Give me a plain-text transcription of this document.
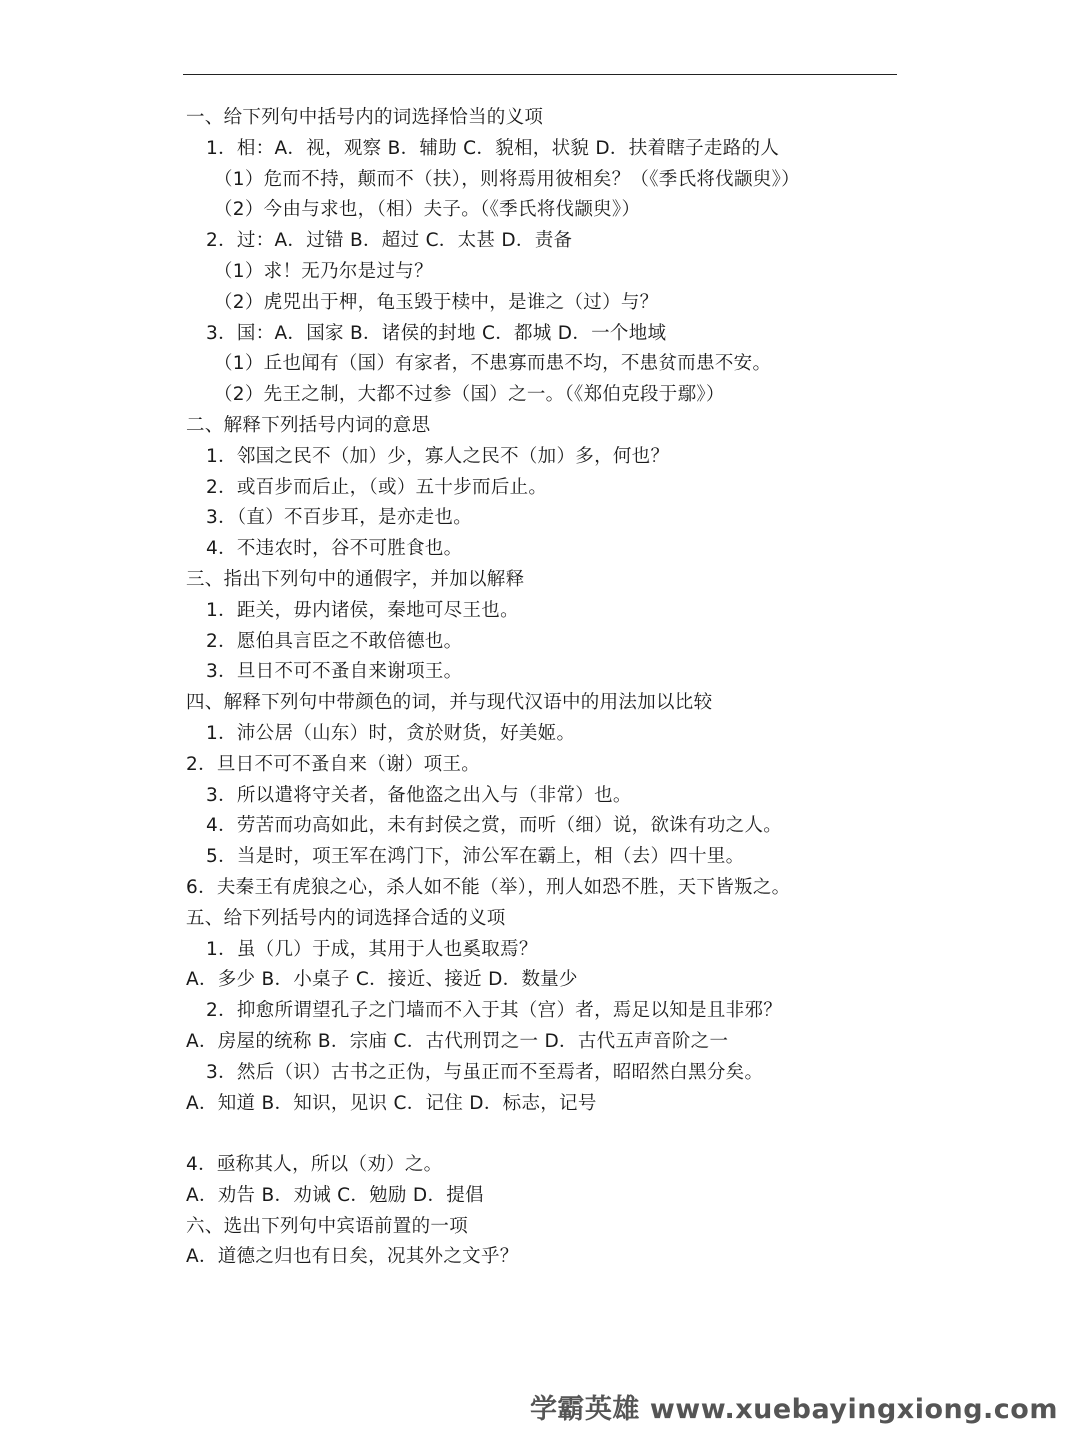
一、给下列句中括号内的词选择恰当的义项
1．相：A．视，观察 B．辅助 C．貌相，状貌 D．扶着瞎子走路的人
（1）危而不持，颠而不（扶），则将焉用彼相矣？（《季氏将伐颛臾》）
（2）今由与求也，（相）夫子。（《季氏将伐颛臾》）
2．过：A．过错 B．超过 C．太甚 D．责备
（1）求！无乃尔是过与？
（2）虎兕出于柙，龟玉毁于椟中，是谁之（过）与？
3．国：A．国家 B．诸侯的封地 C．都城 D．一个地域
（1）丘也闻有（国）有家者，不患寡而患不均，不患贫而患不安。
（2）先王之制，大都不过参（国）之一。（《郑伯克段于鄢》）
二、解释下列括号内词的意思
1．邻国之民不（加）少，寡人之民不（加）多，何也？
2．或百步而后止，（或）五十步而后止。
3．（直）不百步耳，是亦走也。
4．不违农时，谷不可胜食也。
三、指出下列句中的通假字，并加以解释
1．距关，毋内诸侯，秦地可尽王也。
2．愿伯具言臣之不敢倍德也。
3．旦日不可不蚤自来谢项王。
四、解释下列句中带颜色的词，并与现代汉语中的用法加以比较
1．沛公居（山东）时，贪於财货，好美姬。
2．旦日不可不蚤自来（谢）项王。
3．所以遣将守关者，备他盗之出入与（非常）也。
4．劳苦而功高如此，未有封侯之赏，而听（细）说，欲诛有功之人。
5．当是时，项王军在鸿门下，沛公军在霸上，相（去）四十里。
6．夫秦王有虎狼之心，杀人如不能（举），刑人如恐不胜，天下皆叛之。
五、给下列括号内的词选择合适的义项
1．虽（几）于成，其用于人也奚取焉？
A．多少 B．小桌子 C．接近、接近 D．数量少
2．抑愈所谓望孔子之门墙而不入于其（宫）者，焉足以知是且非邪？
A．房屋的统称 B．宗庙 C．古代刑罚之一 D．古代五声音阶之一
3．然后（识）古书之正伪，与虽正而不至焉者，昭昭然白黑分矣。
A．知道 B．知识，见识 C．记住 D．标志，记号
4．亟称其人，所以（劝）之。
A．劝告 B．劝诫 C．勉励 D．提倡
六、选出下列句中宾语前置的一项
A．道德之归也有日矣，况其外之文乎？
学霸英雄 www.xuebayingxiong.com
